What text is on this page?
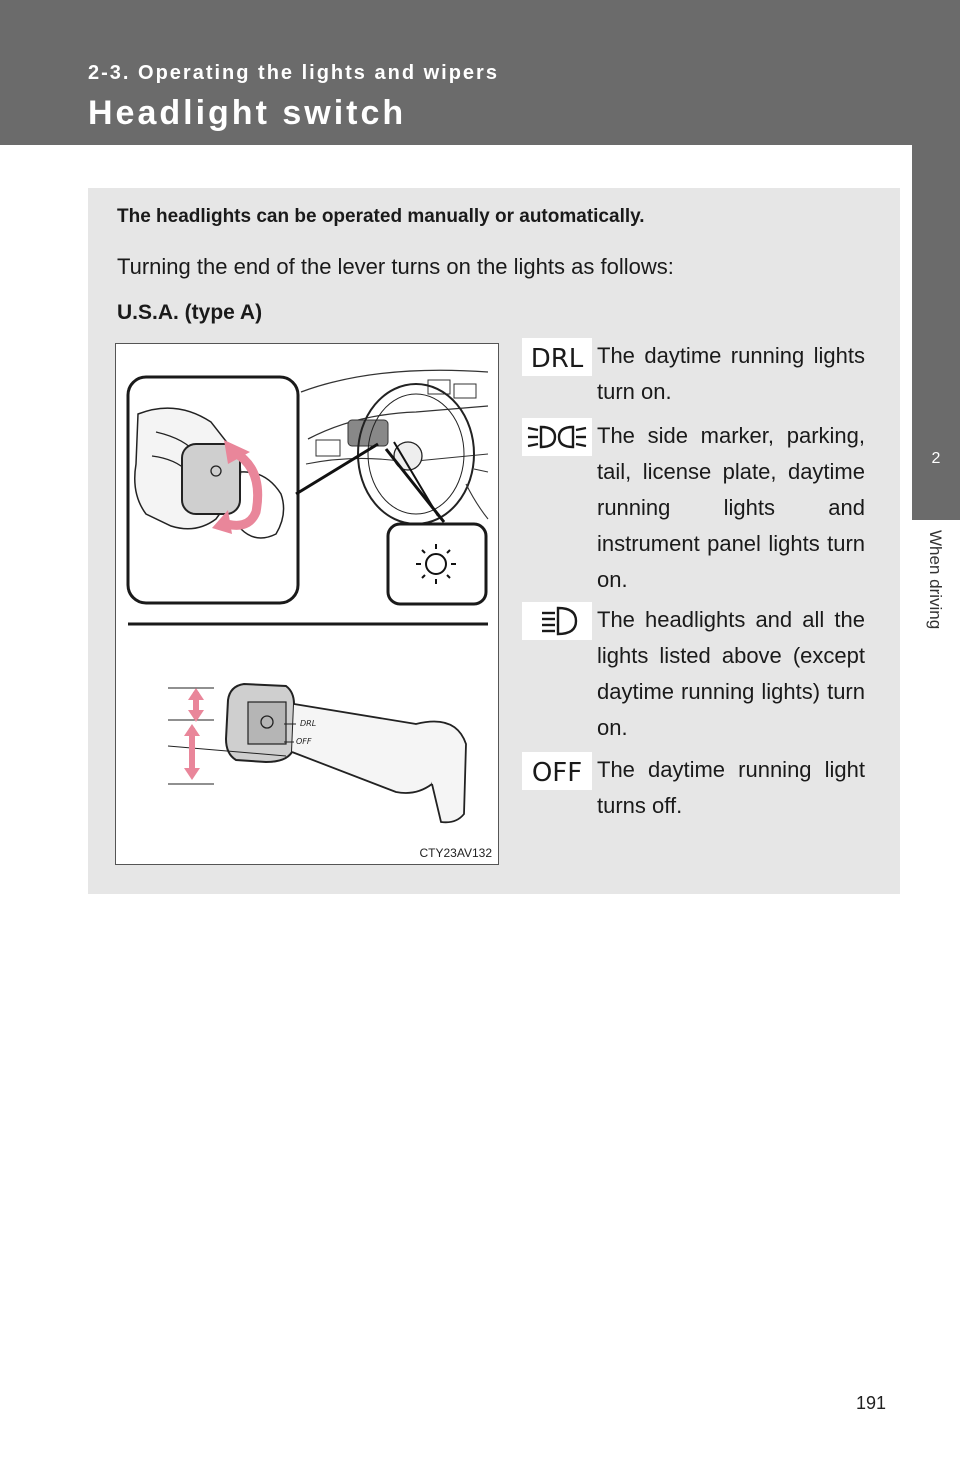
2-3. Operating the lights and wipers
Headlight switch
2
When driving
The headlights can be operated manually or automatically.
Turning the end of the lever turns on the lights as follows:
U.S.A. (type A)
DRL
OFF
CTY23AV132
DRL The daytime running lights turn on.
The side marker, parking, tail, license plate, daytime running lights and instrument panel lights turn on.
The headlights and all the lights listed above (except daytime running lights) turn on.
OFF The daytime running light turns off.
191
